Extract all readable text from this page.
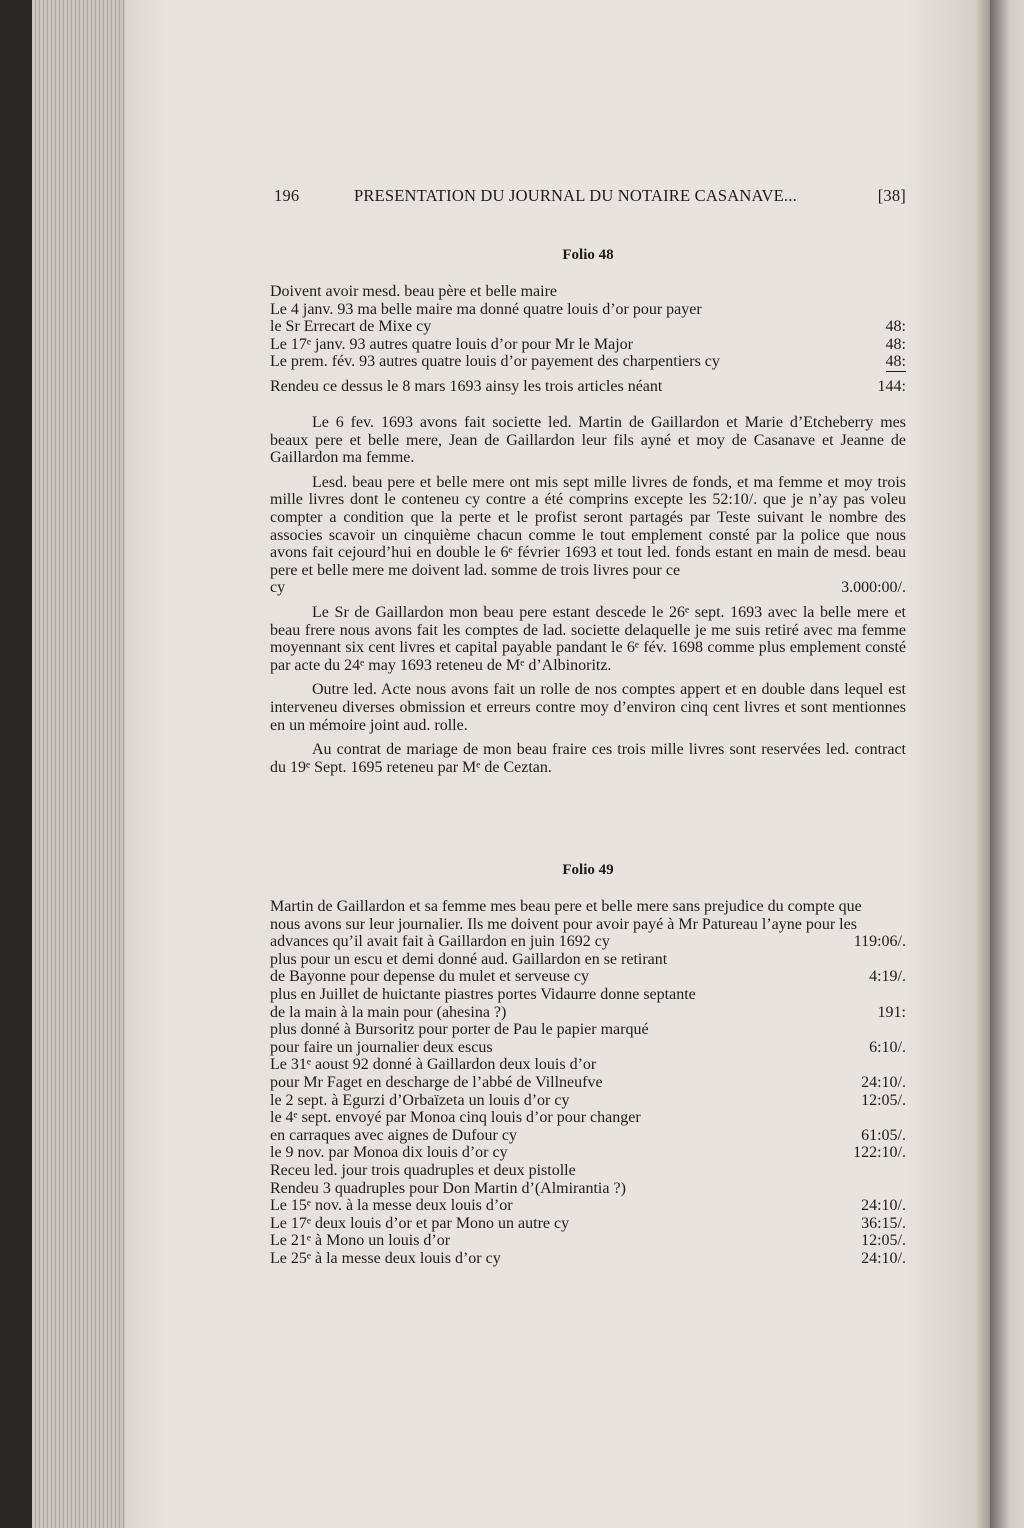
196	PRESENTATION DU JOURNAL DU NOTAIRE CASANAVE...	[38]
Folio 48
Doivent avoir mesd. beau père et belle maire
Le 4 janv. 93 ma belle maire ma donné quatre louis d’or pour payer
le Sr Errecart de Mixe cy	48:
Le 17ᵉ janv. 93 autres quatre louis d’or pour Mr le Major	48:
Le prem. fév. 93 autres quatre louis d’or payement des charpentiers cy	48:
Rendeu ce dessus le 8 mars 1693 ainsy les trois articles néant	144:

Le 6 fev. 1693 avons fait societte led. Martin de Gaillardon et Marie d’Etcheberry mes beaux pere et belle mere, Jean de Gaillardon leur fils ayné et moy de Casanave et Jeanne de Gaillardon ma femme.

Lesd. beau pere et belle mere ont mis sept mille livres de fonds, et ma femme et moy trois mille livres dont le conteneu cy contre a été comprins excepte les 52:10/. que je n’ay pas voleu compter a condition que la perte et le profist seront partagés par Teste suivant le nombre des associes scavoir un cinquième chacun comme le tout emplement consté par la police que nous avons fait cejourd’hui en double le 6ᵉ février 1693 et tout led. fonds estant en main de mesd. beau pere et belle mere me doivent lad. somme de trois livres pour ce

cy	3.000:00/.

Le Sr de Gaillardon mon beau pere estant descede le 26ᵉ sept. 1693 avec la belle mere et beau frere nous avons fait les comptes de lad. societte delaquelle je me suis retiré avec ma femme moyennant six cent livres et capital payable pandant le 6ᵉ fév. 1698 comme plus emplement consté par acte du 24ᵉ may 1693 reteneu de Mᵉ d’Albinoritz.

Outre led. Acte nous avons fait un rolle de nos comptes appert et en double dans lequel est interveneu diverses obmission et erreurs contre moy d’environ cinq cent livres et sont mentionnes en un mémoire joint aud. rolle.

Au contrat de mariage de mon beau fraire ces trois mille livres sont reservées led. contract du 19ᵉ Sept. 1695 reteneu par Mᵉ de Ceztan.

Folio 49
Martin de Gaillardon et sa femme mes beau pere et belle mere sans prejudice du compte que
nous avons sur leur journalier. Ils me doivent pour avoir payé à Mr Patureau l’ayne pour les
advances qu’il avait fait à Gaillardon en juin 1692 cy	119:06/.
plus pour un escu et demi donné aud. Gaillardon en se retirant
de Bayonne pour depense du mulet et serveuse cy	4:19/.
plus en Juillet de huictante piastres portes Vidaurre donne septante
de la main à la main pour (ahesina ?)	191:
plus donné à Bursoritz pour porter de Pau le papier marqué
pour faire un journalier deux escus	6:10/.
Le 31ᵉ aoust 92 donné à Gaillardon deux louis d’or
pour Mr Faget en descharge de l’abbé de Villneufve	24:10/.
le 2 sept. à Egurzi d’Orbaïzeta un louis d’or cy	12:05/.
le 4ᵉ sept. envoyé par Monoa cinq louis d’or pour changer
en carraques avec aignes de Dufour cy	61:05/.
le 9 nov. par Monoa dix louis d’or cy	122:10/.
Receu led. jour trois quadruples et deux pistolle
Rendeu 3 quadruples pour Don Martin d’(Almirantia ?)
Le 15ᵉ nov. à la messe deux louis d’or	24:10/.
Le 17ᵉ deux louis d’or et par Mono un autre cy	36:15/.
Le 21ᵉ à Mono un louis d’or	12:05/.
Le 25ᵉ à la messe deux louis d’or cy	24:10/.
